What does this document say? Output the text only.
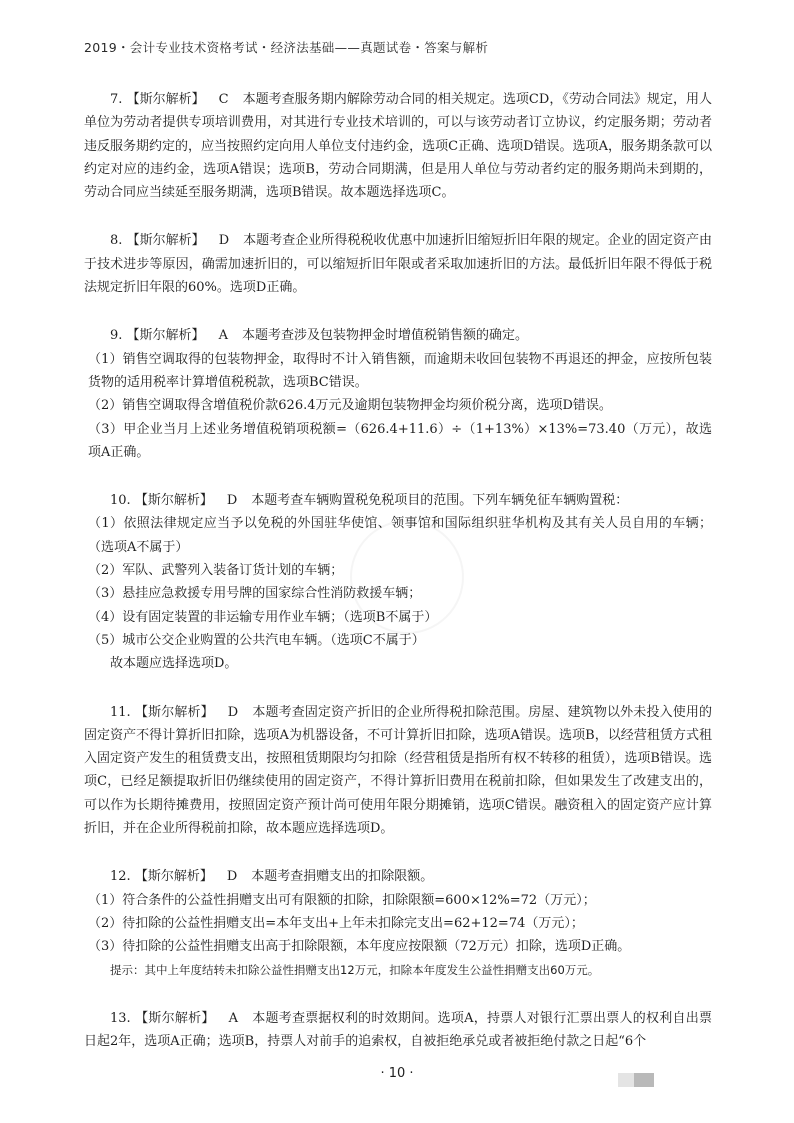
2019・会计专业技术资格考试・经济法基础——真题试卷・答案与解析

7. 【斯尔解析】 C 本题考查服务期内解除劳动合同的相关规定。选项CD，《劳动合同法》规定，用人单位为劳动者提供专项培训费用，对其进行专业技术培训的，可以与该劳动者订立协议，约定服务期；劳动者违反服务期约定的，应当按照约定向用人单位支付违约金，选项C正确、选项D错误。选项A，服务期条款可以约定对应的违约金，选项A错误；选项B，劳动合同期满，但是用人单位与劳动者约定的服务期尚未到期的，劳动合同应当续延至服务期满，选项B错误。故本题选择选项C。

8. 【斯尔解析】 D 本题考查企业所得税税收优惠中加速折旧缩短折旧年限的规定。企业的固定资产由于技术进步等原因，确需加速折旧的，可以缩短折旧年限或者采取加速折旧的方法。最低折旧年限不得低于税法规定折旧年限的60%。选项D正确。

9. 【斯尔解析】 A 本题考查涉及包装物押金时增值税销售额的确定。

（1）销售空调取得的包装物押金，取得时不计入销售额，而逾期未收回包装物不再退还的押金，应按所包装货物的适用税率计算增值税税款，选项BC错误。

（2）销售空调取得含增值税价款626.4万元及逾期包装物押金均须价税分离，选项D错误。

（3）甲企业当月上述业务增值税销项税额=（626.4+11.6）÷（1+13%）×13%=73.40（万元），故选项A正确。

10. 【斯尔解析】 D 本题考查车辆购置税免税项目的范围。下列车辆免征车辆购置税：

（1）依照法律规定应当予以免税的外国驻华使馆、领事馆和国际组织驻华机构及其有关人员自用的车辆；（选项A不属于）

（2）军队、武警列入装备订货计划的车辆；

（3）悬挂应急救援专用号牌的国家综合性消防救援车辆；

（4）设有固定装置的非运输专用作业车辆；（选项B不属于）

（5）城市公交企业购置的公共汽电车辆。（选项C不属于）

故本题应选择选项D。

11. 【斯尔解析】 D 本题考查固定资产折旧的企业所得税扣除范围。房屋、建筑物以外未投入使用的固定资产不得计算折旧扣除，选项A为机器设备，不可计算折旧扣除，选项A错误。选项B，以经营租赁方式租入固定资产发生的租赁费支出，按照租赁期限均匀扣除（经营租赁是指所有权不转移的租赁），选项B错误。选项C，已经足额提取折旧仍继续使用的固定资产，不得计算折旧费用在税前扣除，但如果发生了改建支出的，可以作为长期待摊费用，按照固定资产预计尚可使用年限分期摊销，选项C错误。融资租入的固定资产应计算折旧，并在企业所得税前扣除，故本题应选择选项D。

12. 【斯尔解析】 D 本题考查捐赠支出的扣除限额。

（1）符合条件的公益性捐赠支出可有限额的扣除，扣除限额=600×12%=72（万元）；

（2）待扣除的公益性捐赠支出=本年支出+上年未扣除完支出=62+12=74（万元）；

（3）待扣除的公益性捐赠支出高于扣除限额，本年度应按限额（72万元）扣除，选项D正确。

提示：其中上年度结转未扣除公益性捐赠支出12万元，扣除本年度发生公益性捐赠支出60万元。

13. 【斯尔解析】 A 本题考查票据权利的时效期间。选项A，持票人对银行汇票出票人的权利自出票日起2年，选项A正确；选项B，持票人对前手的追索权，自被拒绝承兑或者被拒绝付款之日起“6个

· 10 ·
